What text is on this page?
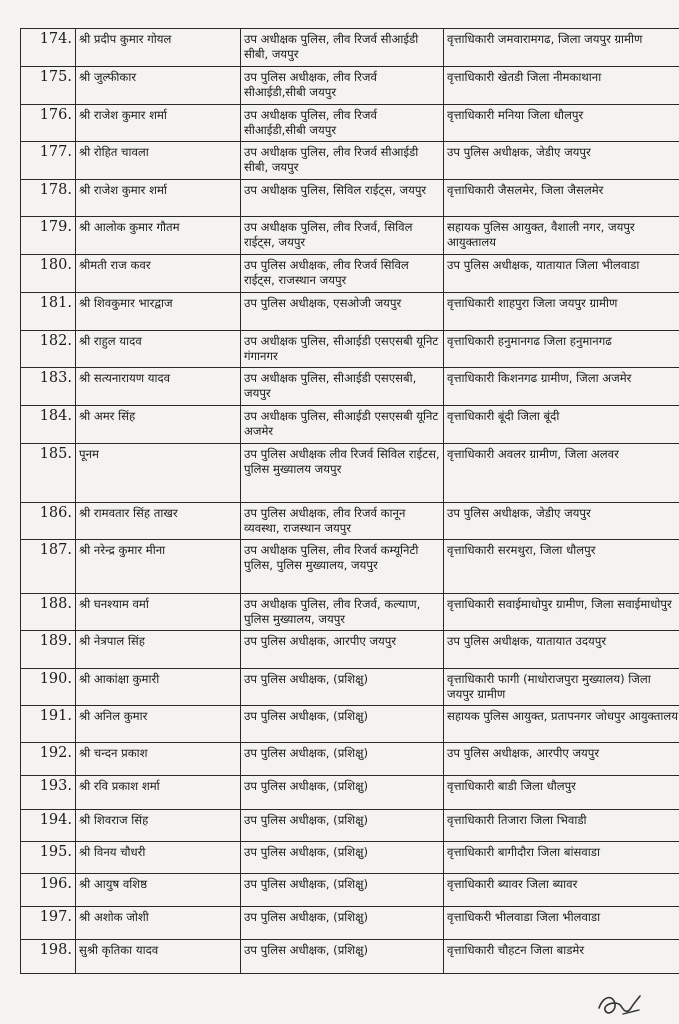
174.	श्री प्रदीप कुमार गोयल	उप अधीक्षक पुलिस, लीव रिजर्व सीआईडी सीबी, जयपुर	वृत्ताधिकारी जमवारामगढ, जिला जयपुर ग्रामीण
175.	श्री जुल्फीकार	उप पुलिस अधीक्षक, लीव रिजर्व सीआईडी,सीबी जयपुर	वृत्ताधिकारी खेतडी जिला नीमकाथाना
176.	श्री राजेश कुमार शर्मा	उप अधीक्षक पुलिस, लीव रिजर्व सीआईडी,सीबी जयपुर	वृत्ताधिकारी मनिया जिला धौलपुर
177.	श्री रोहित चावला	उप अधीक्षक पुलिस, लीव रिजर्व सीआईडी सीबी, जयपुर	उप पुलिस अधीक्षक, जेडीए जयपुर
178.	श्री राजेश कुमार शर्मा	उप अधीक्षक पुलिस, सिविल राईट्स, जयपुर	वृत्ताधिकारी जैसलमेर, जिला जैसलमेर
179.	श्री आलोक कुमार गौतम	उप अधीक्षक पुलिस, लीव रिजर्व, सिविल राईट्स, जयपुर	सहायक पुलिस आयुक्त, वैशाली नगर, जयपुर आयुक्तालय
180.	श्रीमती राज कवर	उप पुलिस अधीक्षक, लीव रिजर्व सिविल राईट्स, राजस्थान जयपुर	उप पुलिस अधीक्षक, यातायात जिला भीलवाडा
181.	श्री शिवकुमार भारद्वाज	उप पुलिस अधीक्षक, एसओजी जयपुर	वृत्ताधिकारी शाहपुरा जिला जयपुर ग्रामीण
182.	श्री राहुल यादव	उप अधीक्षक पुलिस, सीआईडी एसएसबी यूनिट गंगानगर	वृत्ताधिकारी हनुमानगढ जिला हनुमानगढ
183.	श्री सत्यनारायण यादव	उप अधीक्षक पुलिस, सीआईडी एसएसबी, जयपुर	वृत्ताधिकारी किशनगढ ग्रामीण, जिला अजमेर
184.	श्री अमर सिंह	उप अधीक्षक पुलिस, सीआईडी एसएसबी यूनिट अजमेर	वृत्ताधिकारी बूंदी जिला बूंदी
185.	पूनम	उप पुलिस अधीक्षक लीव रिजर्व सिविल राईटस, पुलिस मुख्यालय जयपुर	वृत्ताधिकारी अवलर ग्रामीण, जिला अलवर
186.	श्री रामवतार सिंह ताखर	उप पुलिस अधीक्षक, लीव रिजर्व कानून व्यवस्था, राजस्थान जयपुर	उप पुलिस अधीक्षक, जेडीए जयपुर
187.	श्री नरेन्द्र कुमार मीना	उप अधीक्षक पुलिस, लीव रिजर्व कम्यूनिटी पुलिस, पुलिस मुख्यालय, जयपुर	वृत्ताधिकारी सरमथुरा, जिला धौलपुर
188.	श्री घनश्याम वर्मा	उप अधीक्षक पुलिस, लीव रिजर्व, कल्याण, पुलिस मुख्यालय, जयपुर	वृत्ताधिकारी सवाईमाधोपुर ग्रामीण, जिला सवाईमाधोपुर
189.	श्री नेत्रपाल सिंह	उप पुलिस अधीक्षक, आरपीए जयपुर	उप पुलिस अधीक्षक, यातायात उदयपुर
190.	श्री आकांक्षा कुमारी	उप पुलिस अधीक्षक, (प्रशिक्षु)	वृत्ताधिकारी फागी (माधोराजपुरा मुख्यालय) जिला जयपुर ग्रामीण
191.	श्री अनिल कुमार	उप पुलिस अधीक्षक, (प्रशिक्षु)	सहायक पुलिस आयुक्त, प्रतापनगर जोधपुर आयुक्तालय
192.	श्री चन्दन प्रकाश	उप पुलिस अधीक्षक, (प्रशिक्षु)	उप पुलिस अधीक्षक, आरपीए जयपुर
193.	श्री रवि प्रकाश शर्मा	उप पुलिस अधीक्षक, (प्रशिक्षु)	वृत्ताधिकारी बाडी जिला धौलपुर
194.	श्री शिवराज सिंह	उप पुलिस अधीक्षक, (प्रशिक्षु)	वृत्ताधिकारी तिजारा जिला भिवाडी
195.	श्री विनय चौधरी	उप पुलिस अधीक्षक, (प्रशिक्षु)	वृत्ताधिकारी बागीदौरा जिला बांसवाडा
196.	श्री आयुष वशिष्ठ	उप पुलिस अधीक्षक, (प्रशिक्षु)	वृत्ताधिकारी ब्यावर जिला ब्यावर
197.	श्री अशोक जोशी	उप पुलिस अधीक्षक, (प्रशिक्षु)	वृत्ताधिकरी भीलवाडा जिला भीलवाडा
198.	सुश्री कृतिका यादव	उप पुलिस अधीक्षक, (प्रशिक्षु)	वृत्ताधिकारी चौहटन जिला बाडमेर
